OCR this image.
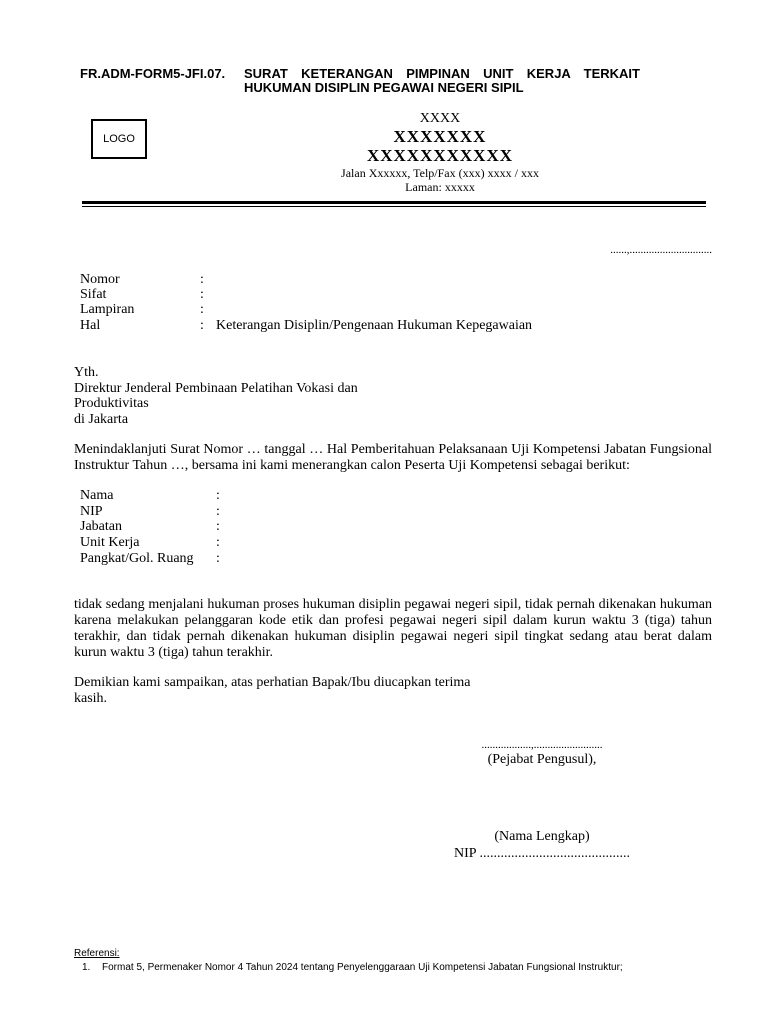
FR.ADM-FORM5-JFI.07. SURAT KETERANGAN PIMPINAN UNIT KERJA TERKAIT
HUKUMAN DISIPLIN PEGAWAI NEGERI SIPIL
LOGO
XXXX
XXXXXXX
XXXXXXXXXXX
Jalan Xxxxxx, Telp/Fax (xxx) xxxx / xxx
Laman: xxxxx
......,..............................
Nomor	:
Sifat	:
Lampiran	:
Hal	: Keterangan Disiplin/Pengenaan Hukuman Kepegawaian
Yth.
Direktur Jenderal Pembinaan Pelatihan Vokasi dan
Produktivitas
di Jakarta
Menindaklanjuti Surat Nomor … tanggal … Hal Pemberitahuan Pelaksanaan Uji Kompetensi Jabatan Fungsional Instruktur Tahun …, bersama ini kami menerangkan calon Peserta Uji Kompetensi sebagai berikut:
Nama	:
NIP	:
Jabatan	:
Unit Kerja	:
Pangkat/Gol. Ruang :
tidak sedang menjalani hukuman proses hukuman disiplin pegawai negeri sipil, tidak pernah dikenakan hukuman karena melakukan pelanggaran kode etik dan profesi pegawai negeri sipil dalam kurun waktu 3 (tiga) tahun terakhir, dan tidak pernah dikenakan hukuman disiplin pegawai negeri sipil tingkat sedang atau berat dalam kurun waktu 3 (tiga) tahun terakhir.
Demikian kami sampaikan, atas perhatian Bapak/Ibu diucapkan terima
kasih.
..................,.........................
(Pejabat Pengusul),
(Nama Lengkap)
NIP ...........................................
Referensi:
1. Format 5, Permenaker Nomor 4 Tahun 2024 tentang Penyelenggaraan Uji Kompetensi Jabatan Fungsional Instruktur;
